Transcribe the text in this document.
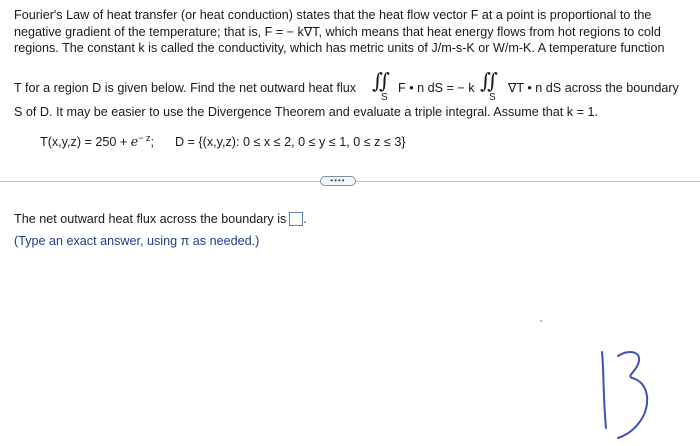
Fourier's Law of heat transfer (or heat conduction) states that the heat flow vector F at a point is proportional to the
negative gradient of the temperature; that is, F = − k∇T, which means that heat energy flows from hot regions to cold
regions. The constant k is called the conductivity, which has metric units of J/m-s-K or W/m-K. A temperature function
T for a region D is given below. Find the net outward heat flux ∫∫
S
F • n dS = − k ∫∫
S
∇T • n dS across the boundary
S of D. It may be easier to use the Divergence Theorem and evaluate a triple integral. Assume that k = 1.
$T(x,y,z) = 250 + e^{- z}$; D = {(x,y,z): 0 ≤ x ≤ 2, 0 ≤ y ≤ 1, 0 ≤ z ≤ 3}
••••
The net outward heat flux across the boundary is .
(Type an exact answer, using π as needed.)
